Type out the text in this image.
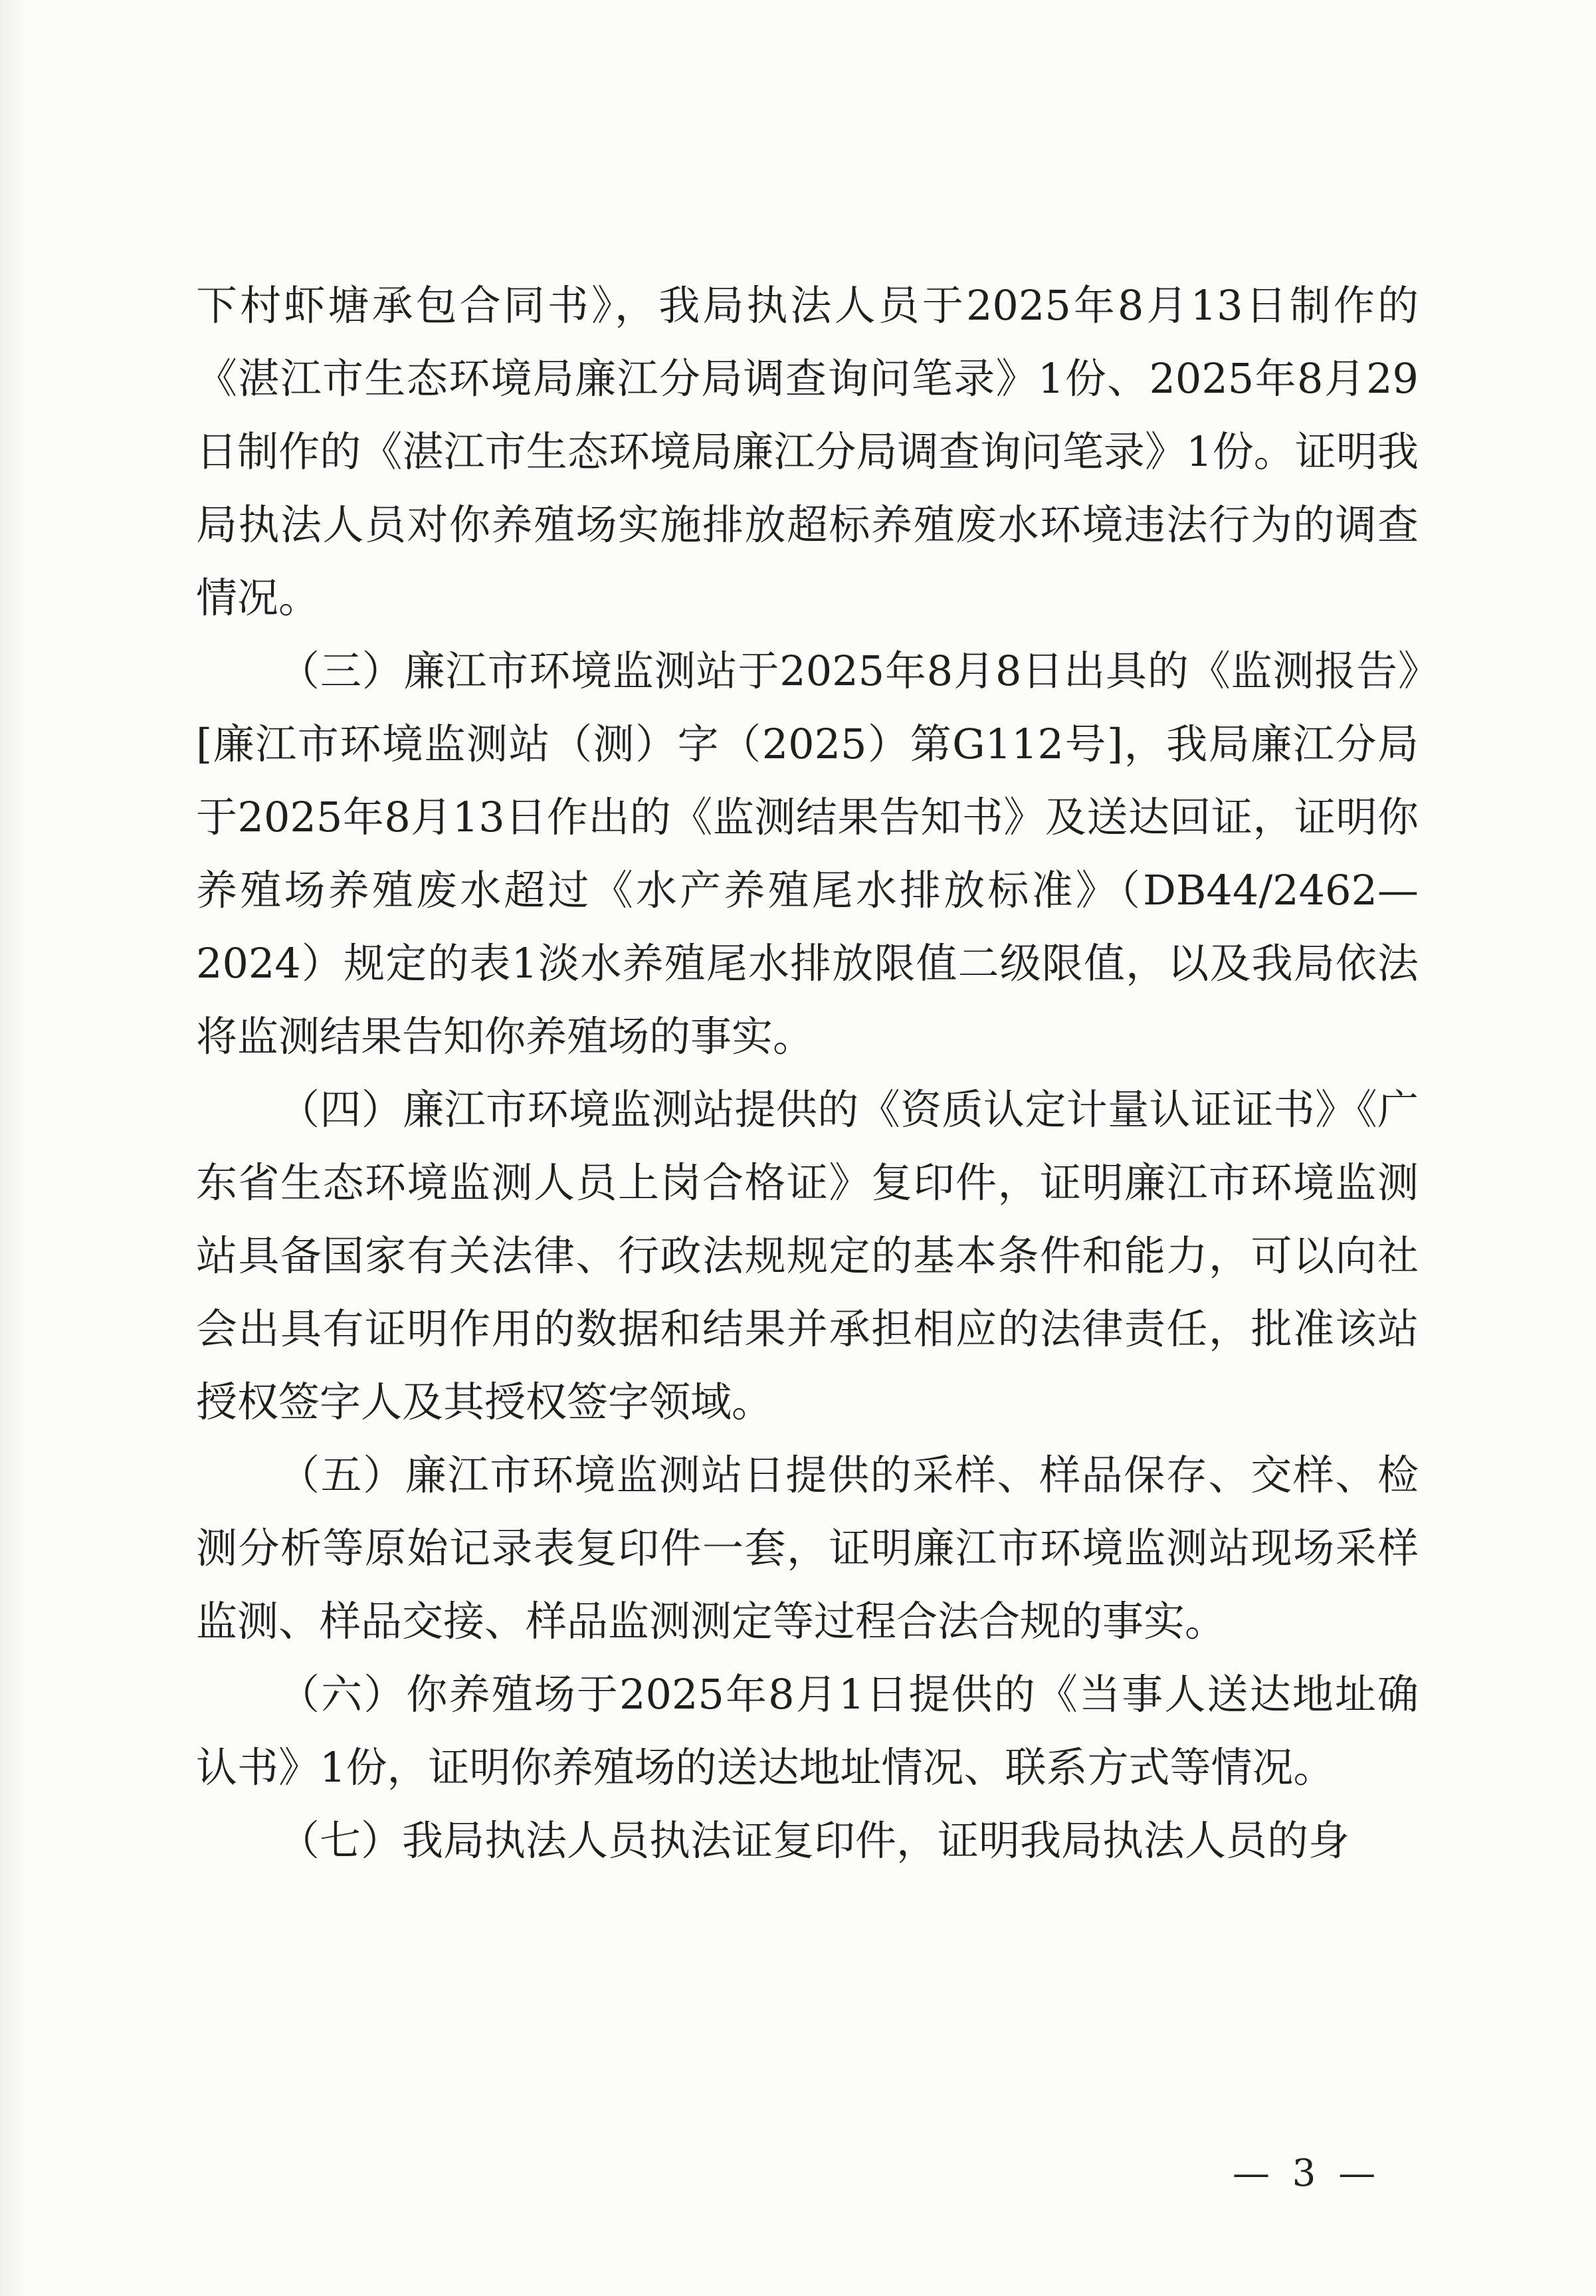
下村虾塘承包合同书》，我局执法人员于2025年8月13日制作的《湛江市生态环境局廉江分局调查询问笔录》1份、2025年8月29日制作的《湛江市生态环境局廉江分局调查询问笔录》1份。证明我局执法人员对你养殖场实施排放超标养殖废水环境违法行为的调查情况。

（三）廉江市环境监测站于2025年8月8日出具的《监测报告》[廉江市环境监测站（测）字（2025）第G112号]，我局廉江分局于2025年8月13日作出的《监测结果告知书》及送达回证，证明你养殖场养殖废水超过《水产养殖尾水排放标准》（DB44/2462—2024）规定的表1淡水养殖尾水排放限值二级限值，以及我局依法将监测结果告知你养殖场的事实。

（四）廉江市环境监测站提供的《资质认定计量认证证书》《广东省生态环境监测人员上岗合格证》复印件，证明廉江市环境监测站具备国家有关法律、行政法规规定的基本条件和能力，可以向社会出具有证明作用的数据和结果并承担相应的法律责任，批准该站授权签字人及其授权签字领域。

（五）廉江市环境监测站日提供的采样、样品保存、交样、检测分析等原始记录表复印件一套，证明廉江市环境监测站现场采样监测、样品交接、样品监测测定等过程合法合规的事实。

（六）你养殖场于2025年8月1日提供的《当事人送达地址确认书》1份，证明你养殖场的送达地址情况、联系方式等情况。

（七）我局执法人员执法证复印件，证明我局执法人员的身

— 3 —
